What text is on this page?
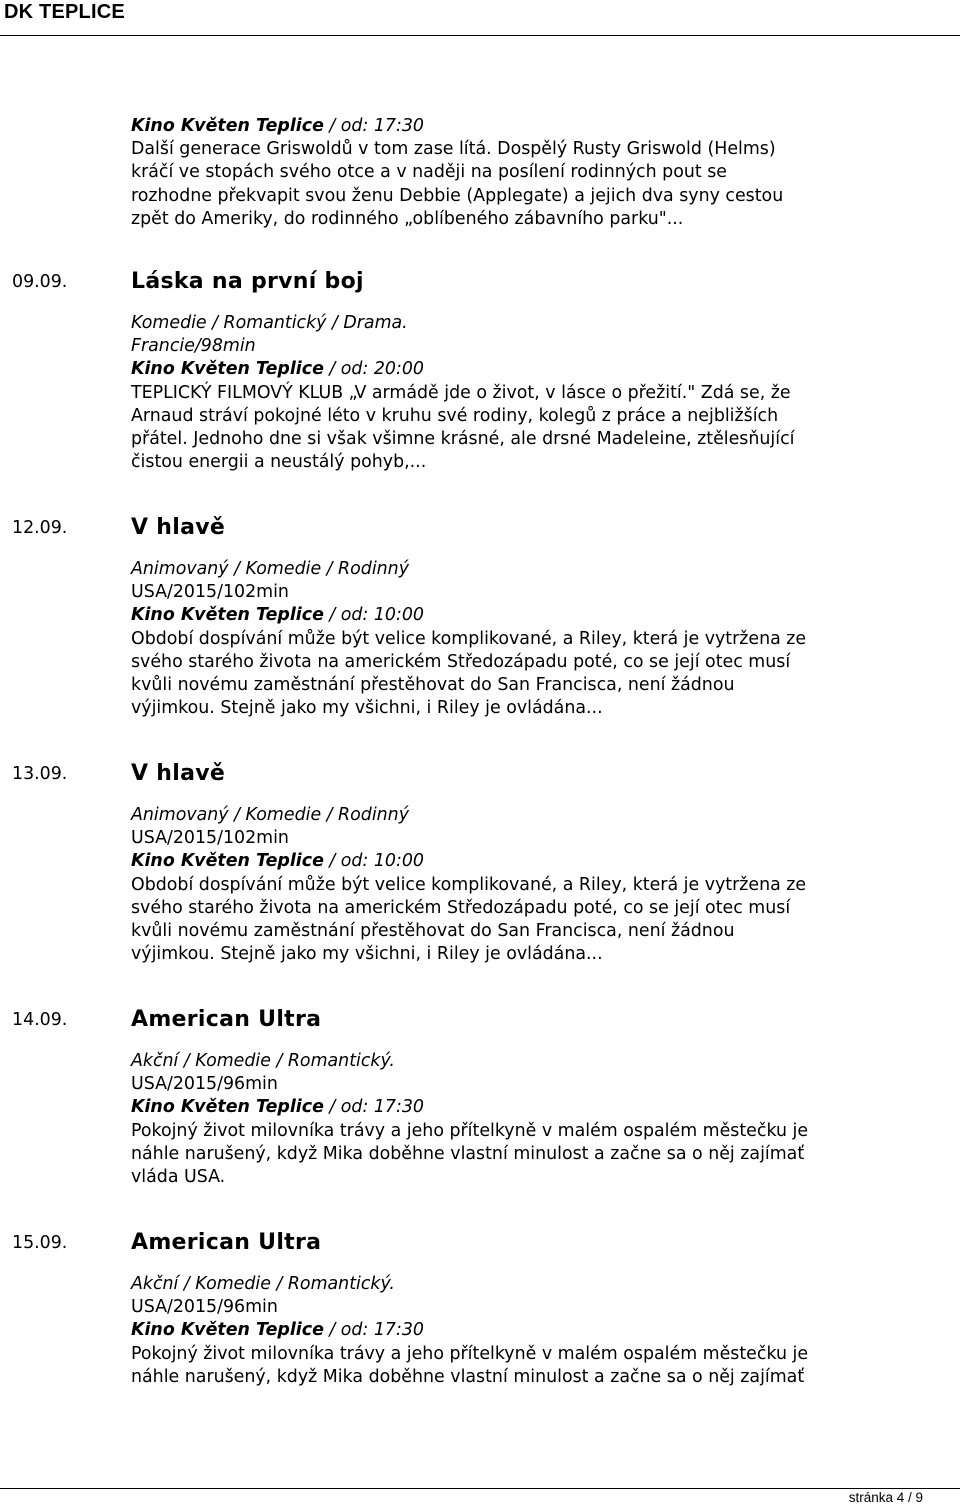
DK TEPLICE
Kino Květen Teplice / od: 17:30
Další generace Griswoldů v tom zase lítá. Dospělý Rusty Griswold (Helms)
kráčí ve stopách svého otce a v naději na posílení rodinných pout se
rozhodne překvapit svou ženu Debbie (Applegate) a jejich dva syny cestou
zpět do Ameriky, do rodinného „oblíbeného zábavního parku"...
09.09.	Láska na první boj
Komedie / Romantický / Drama.
Francie/98min
Kino Květen Teplice / od: 20:00
TEPLICKÝ FILMOVÝ KLUB „V armádě jde o život, v lásce o přežití." Zdá se, že
Arnaud stráví pokojné léto v kruhu své rodiny, kolegů z práce a nejbližších
přátel. Jednoho dne si však všimne krásné, ale drsné Madeleine, ztělesňující
čistou energii a neustálý pohyb,...
12.09.	V hlavě
Animovaný / Komedie / Rodinný
USA/2015/102min
Kino Květen Teplice / od: 10:00
Období dospívání může být velice komplikované, a Riley, která je vytržena ze
svého starého života na americkém Středozápadu poté, co se její otec musí
kvůli novému zaměstnání přestěhovat do San Francisca, není žádnou
výjimkou. Stejně jako my všichni, i Riley je ovládána...
13.09.	V hlavě
Animovaný / Komedie / Rodinný
USA/2015/102min
Kino Květen Teplice / od: 10:00
Období dospívání může být velice komplikované, a Riley, která je vytržena ze
svého starého života na americkém Středozápadu poté, co se její otec musí
kvůli novému zaměstnání přestěhovat do San Francisca, není žádnou
výjimkou. Stejně jako my všichni, i Riley je ovládána...
14.09.	American Ultra
Akční / Komedie / Romantický.
USA/2015/96min
Kino Květen Teplice / od: 17:30
Pokojný život milovníka trávy a jeho přítelkyně v malém ospalém městečku je
náhle narušený, když Mika doběhne vlastní minulost a začne sa o něj zajímať
vláda USA.
15.09.	American Ultra
Akční / Komedie / Romantický.
USA/2015/96min
Kino Květen Teplice / od: 17:30
Pokojný život milovníka trávy a jeho přítelkyně v malém ospalém městečku je
náhle narušený, když Mika doběhne vlastní minulost a začne sa o něj zajímať
stránka 4 / 9
